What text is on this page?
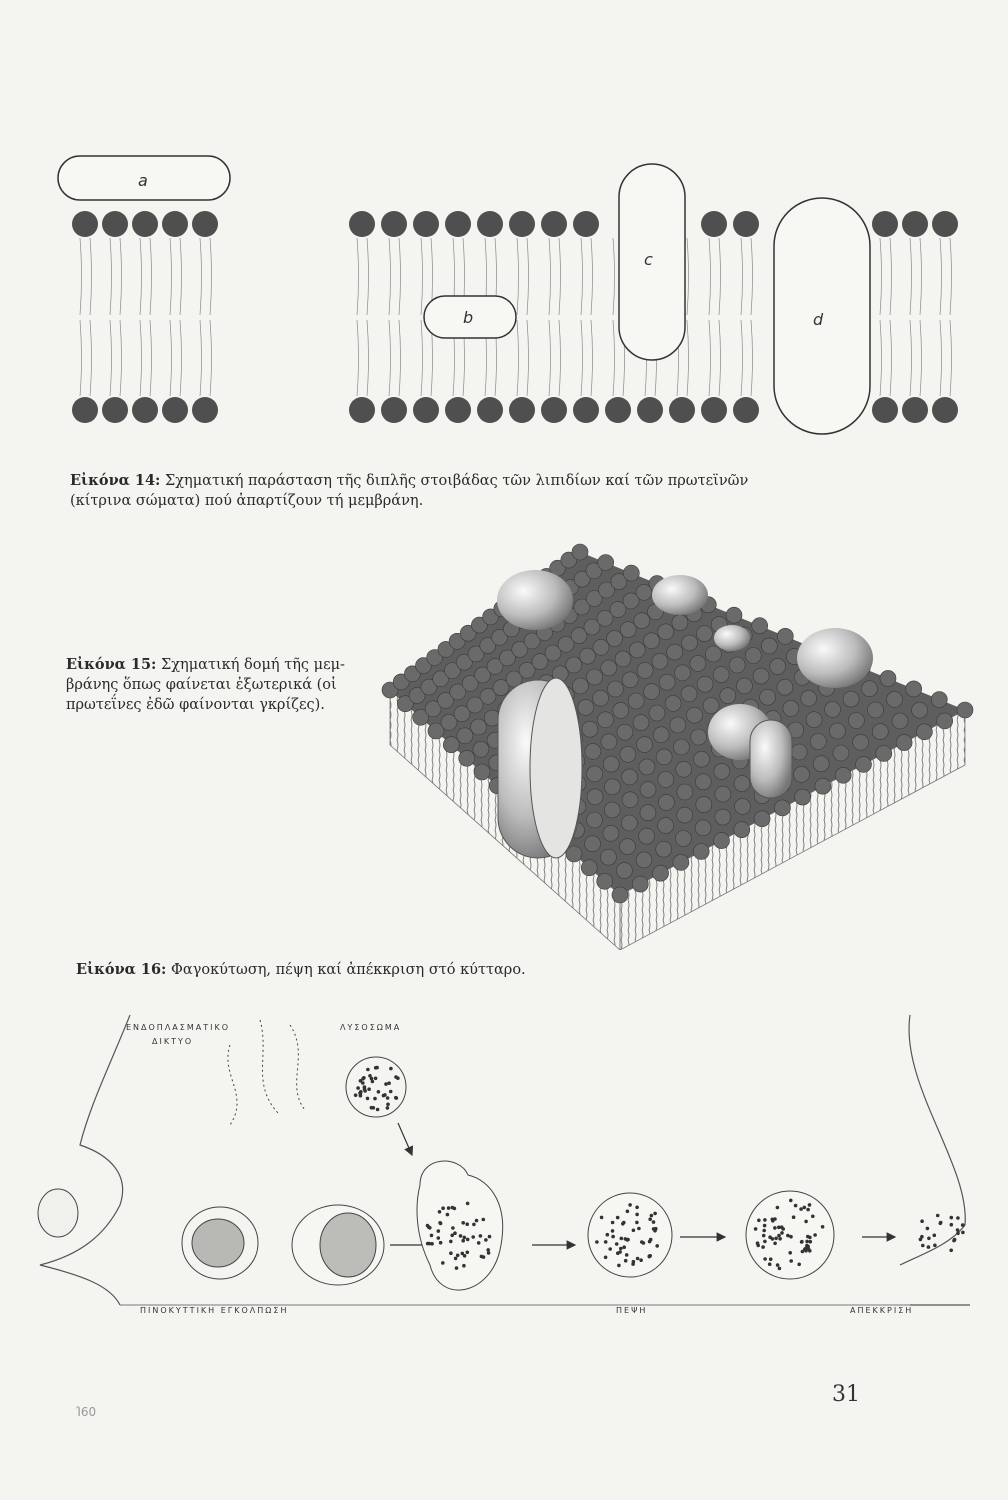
a
b
c
d
Εἰκόνα 14: Σχηματική παράσταση τῆς διπλῆς στοιβάδας τῶν λιπιδίων καί τῶν πρωτεϊνῶν
(κίτρινα σώματα) πού ἀπαρτίζουν τή μεμβράνη.
Εἰκόνα 15: Σχηματική δομή τῆς μεμ-
βράνης ὅπως φαίνεται ἐξωτερικά (οἱ
πρωτεΐνες ἐδῶ φαίνονται γκρίζες).
Εἰκόνα 16: Φαγοκύτωση, πέψη καί ἀπέκκριση στό κύτταρο.
ΕΝΔΟΠΛΑΣΜΑΤΙΚΟ
ΔΙΚΤΥΟ
ΛΥΣΟΣΩΜΑ
ΠΙΝΟΚΥΤΤΙΚΗ ΕΓΚΟΛΠΩΣΗ	ΠΕΨΗ	ΑΠΕΚΚΡΙΣΗ
31
Ί60
